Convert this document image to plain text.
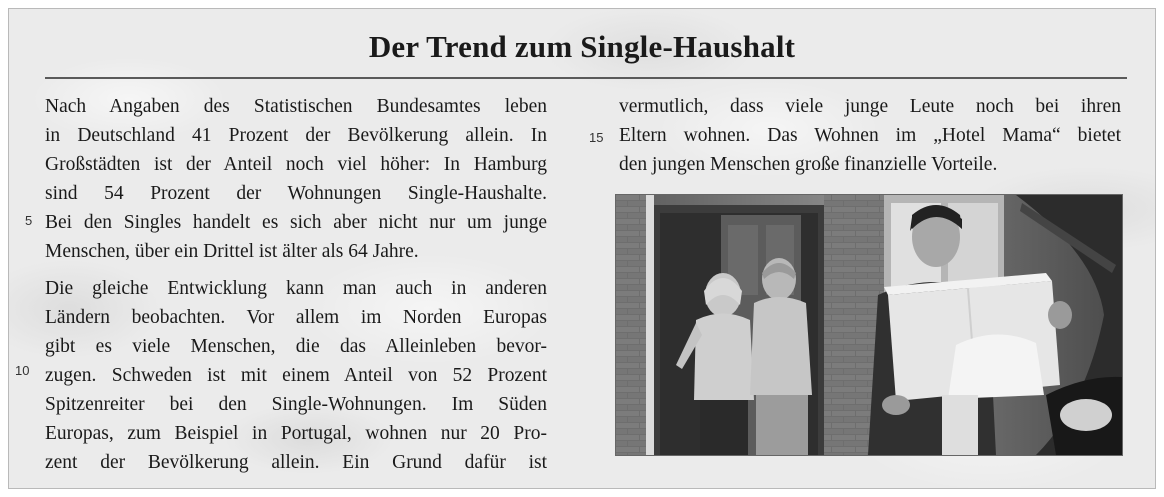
Der Trend zum Single-Haushalt
5
10
15
Nach Angaben des Statistischen Bundesamtes leben
in Deutschland 41 Prozent der Bevölkerung allein. In
Großstädten ist der Anteil noch viel höher: In Hamburg
sind 54 Prozent der Wohnungen Single-Haushalte.
Bei den Singles handelt es sich aber nicht nur um junge
Menschen, über ein Drittel ist älter als 64 Jahre.
Die gleiche Entwicklung kann man auch in anderen
Ländern beobachten. Vor allem im Norden Europas
gibt es viele Menschen, die das Alleinleben bevor-
zugen. Schweden ist mit einem Anteil von 52 Prozent
Spitzenreiter bei den Single-Wohnungen. Im Süden
Europas, zum Beispiel in Portugal, wohnen nur 20 Pro-
zent der Bevölkerung allein. Ein Grund dafür ist
vermutlich, dass viele junge Leute noch bei ihren
Eltern wohnen. Das Wohnen im „Hotel Mama“ bietet
den jungen Menschen große finanzielle Vorteile.
